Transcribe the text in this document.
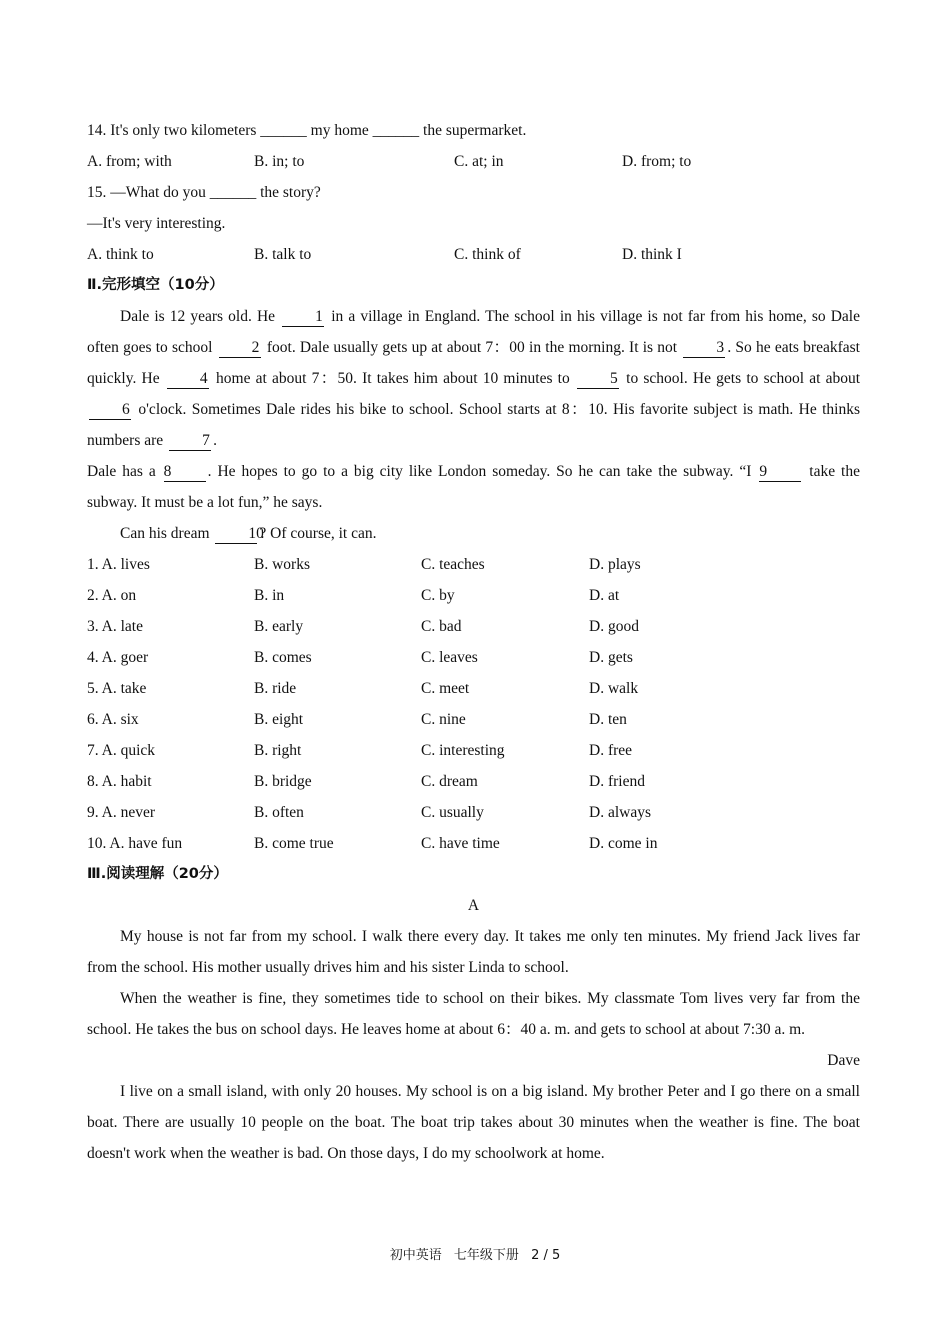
14. It's only two kilometers ______ my home ______ the supermarket.
A. from; with	B. in; to	C. at; in	D. from; to
15. —What do you ______ the story?
—It's very interesting.
A. think to	B. talk to	C. think of	D. think I
Ⅱ.完形填空（10分）

Dale is 12 years old. He	1 in a village in England. The school in his village is not far from his home, so Dale often goes to school	2 foot. Dale usually gets up at about 7：00 in the morning. It is not	3 . So he eats breakfast quickly. He	4 home at about 7：50. It takes him about 10 minutes to	5 to school. He gets to school at about 6 o'clock. Sometimes Dale rides his bike to school. School starts at 8：10. His favorite subject is math. He thinks numbers are	7 .

Dale has a 8 . He hopes to go to a big city like London someday. So he can take the subway. “I 9	take the subway. It must be a lot fun,” he says.

Can his dream	10? Of course, it can.

1. A. lives	B. works	C. teaches	D. plays
2. A. on	B. in	C. by	D. at
3. A. late	B. early	C. bad	D. good
4. A. goer	B. comes	C. leaves	D. gets
5. A. take	B. ride	C. meet	D. walk
6. A. six	B. eight	C. nine	D. ten
7. A. quick	B. right	C. interesting	D. free
8. A. habit	B. bridge	C. dream	D. friend
9. A. never	B. often	C. usually	D. always
10. A. have fun	B. come true	C. have time	D. come in
Ⅲ.阅读理解（20分）
A

My house is not far from my school. I walk there every day. It takes me only ten minutes. My friend Jack lives far from the school. His mother usually drives him and his sister Linda to school.

When the weather is fine, they sometimes tide to school on their bikes. My classmate Tom lives very far from the school. He takes the bus on school days. He leaves home at about 6：40 a. m. and gets to school at about 7:30 a. m.

Dave

I live on a small island, with only 20 houses. My school is on a big island. My brother Peter and I go there on a small boat. There are usually 10 people on the boat. The boat trip takes about 30 minutes when the weather is fine. The boat doesn't work when the weather is bad. On those days, I do my schoolwork at home.

初中英语 七年级下册 2 / 5
